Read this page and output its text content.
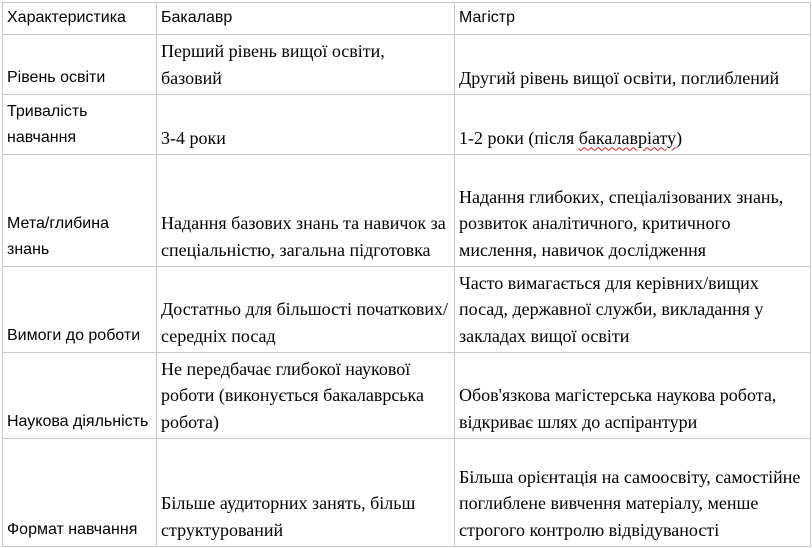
Характеристика	Бакалавр	Магістр
Рівень освіти	Перший рівень вищої освіти, базовий	Другий рівень вищої освіти, поглиблений
Тривалість навчання	3-4 роки	1-2 роки (після бакалаврiату)
Мета/глибина знань	Надання базових знань та навичок за спеціальністю, загальна підготовка	Надання глибоких, спеціалізованих знань, розвиток аналітичного, критичного мислення, навичок дослідження
Вимоги до роботи	Достатньо для більшості початкових/середніх посад	Часто вимагається для керівних/вищих посад, державної служби, викладання у закладах вищої освіти
Наукова діяльність	Не передбачає глибокої наукової роботи (виконується бакалаврська робота)	Обов'язкова магістерська наукова робота, відкриває шлях до аспірантури
Формат навчання	Більше аудиторних занять, більш структурований	Більша орієнтація на самоосвіту, самостійне поглиблене вивчення матеріалу, менше строгого контролю відвідуваності
